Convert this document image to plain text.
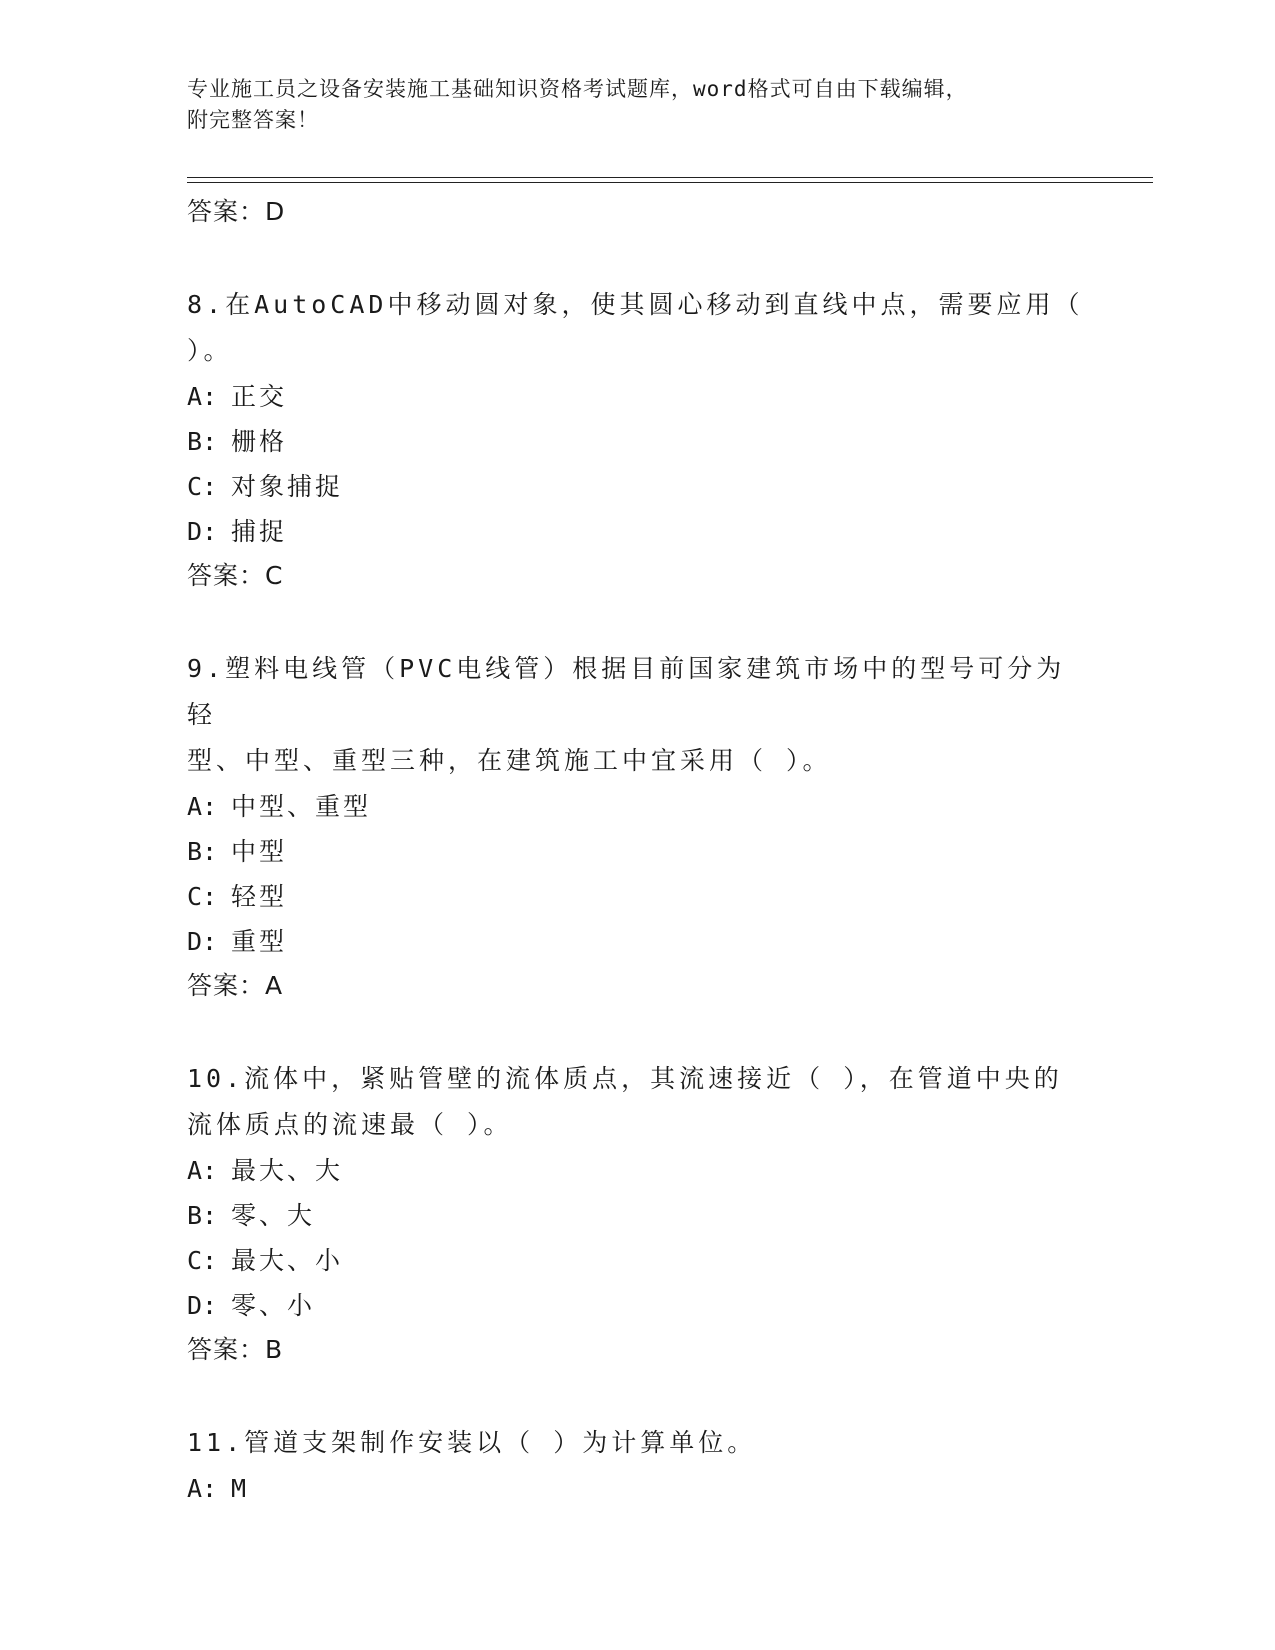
专业施工员之设备安装施工基础知识资格考试题库，word格式可自由下载编辑，
附完整答案！
答案：D
8.在AutoCAD中移动圆对象，使其圆心移动到直线中点，需要应用（
）。
A: 正交
B: 栅格
C: 对象捕捉
D: 捕捉
答案：C
9.塑料电线管（PVC电线管）根据目前国家建筑市场中的型号可分为轻
型、中型、重型三种，在建筑施工中宜采用（ ）。
A: 中型、重型
B: 中型
C: 轻型
D: 重型
答案：A
10.流体中，紧贴管壁的流体质点，其流速接近（ ），在管道中央的
流体质点的流速最（ ）。
A: 最大、大
B: 零、大
C: 最大、小
D: 零、小
答案：B
11.管道支架制作安装以（ ）为计算单位。
A: M
